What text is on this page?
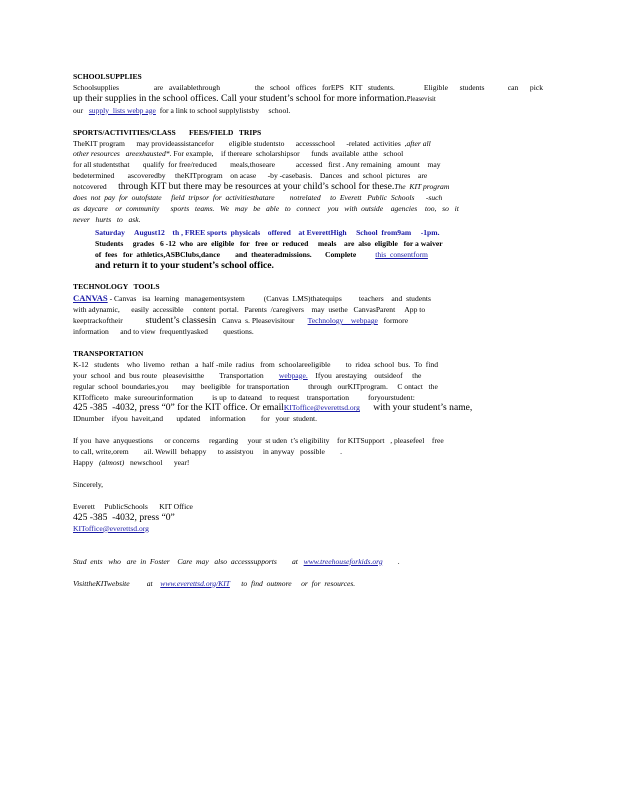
SCHOOLSUPPLIES

Schoolsupplies      are availablethrough      the school offices forEPS KIT students.     Eligible  students    can  pick

up their supplies in the school offices. Call your student’s school for more information.Pleasevisit

our supply  lists webp age for a link to school supplylistsby     school.

SPORTS/ACTIVITIES/CLASS       FEES/FIELD   TRIPS

TheKIT program      may provideassistancefor        eligible studentsto      accessschool      -related  activities  ,after all

other resources   areexhausted*. For example,    if thereare  scholarshipsor      funds  available  atthe   school

for all studentsthat       qualify  for free/reduced       meals,thoseare           accessed   first . Any remaining   amount    may

bedetermined       ascoveredby     theKITprogram    on acase      -by -casebasis.    Dances   and  school  pictures    are

notcovered through KIT but there may be resources at your child’s school for these.The  KIT program

does  not  pay  for  outofstate     field  tripsor  for  activitiesthatare        notrelated     to  Everett   Public  Schools      -such

as  daycare    or  community      sports   teams.   We   may   be   able   to   connect    you   with  outside    agencies    too,   so   it

never   hurts   to   ask.

Saturday     August12    th , FREE sports  physicals    offered    at EverettHigh     School  from9am     -1pm.

Students     grades   6 -12  who  are  eligible   for   free  or  reduced     meals    are  also  eligible   for a waiver

of  fees   for  athletics,ASBClubs,dance        and  theateradmissions.       Complete this  consentform

and return it to your student’s school office.

TECHNOLOGY   TOOLS

CANVAS - Canvas   isa  learning   managementsystem          (Canvas  LMS)thatequips         teachers    and  students

with adynamic,      easily  accessible     content  portal.   Parents  /caregivers    may  usethe   CanvasParent     App to

keeptrackoftheir student’s classesin Canva  s. Pleasevisitour Technology    webpage formore

information      and to view  frequentlyasked        questions.

TRANSPORTATION

K-12   students    who  livemo   rethan   a  half -mile  radius   from  schoolareeligible        to  ridea  school  bus.  To  find

your  school  and  bus route   pleasevisitthe        Transportation webpage. Ifyou  arestaying    outsideof     the

regular  school  boundaries,you       may   beeligible   for transportation          through   ourKITprogram.     C ontact   the

KITofficeto   make  sureourinformation          is up  to dateand    to request    transportation          foryourstudent:

425 -385  -4032, press “0” for the KIT office. Or emailKIToffice@everettsd.org with your student’s name,

IDnumber    ifyou  haveit,and       updated     information        for   your  student.

If you  have  anyquestions      or concerns     regarding     your  st uden  t’s eligibility    for KITSupport   , pleasefeel    free

to call, write,orem        ail. Wewill  behappy      to assistyou     in anyway   possible        .

Happy (almost) newschool      year!

Sincerely,

Everett     PublicSchools      KIT Office

425 -385  -4032, press “0”

KIToffice@everettsd.org   

Stud  ents   who   are  in  Foster    Care  may   also  accesssupports        at www.treehouseforkids.org .

VisittheKITwebsite         at www.everettsd.org/KIT to  find  outmore     or  for  resources.
